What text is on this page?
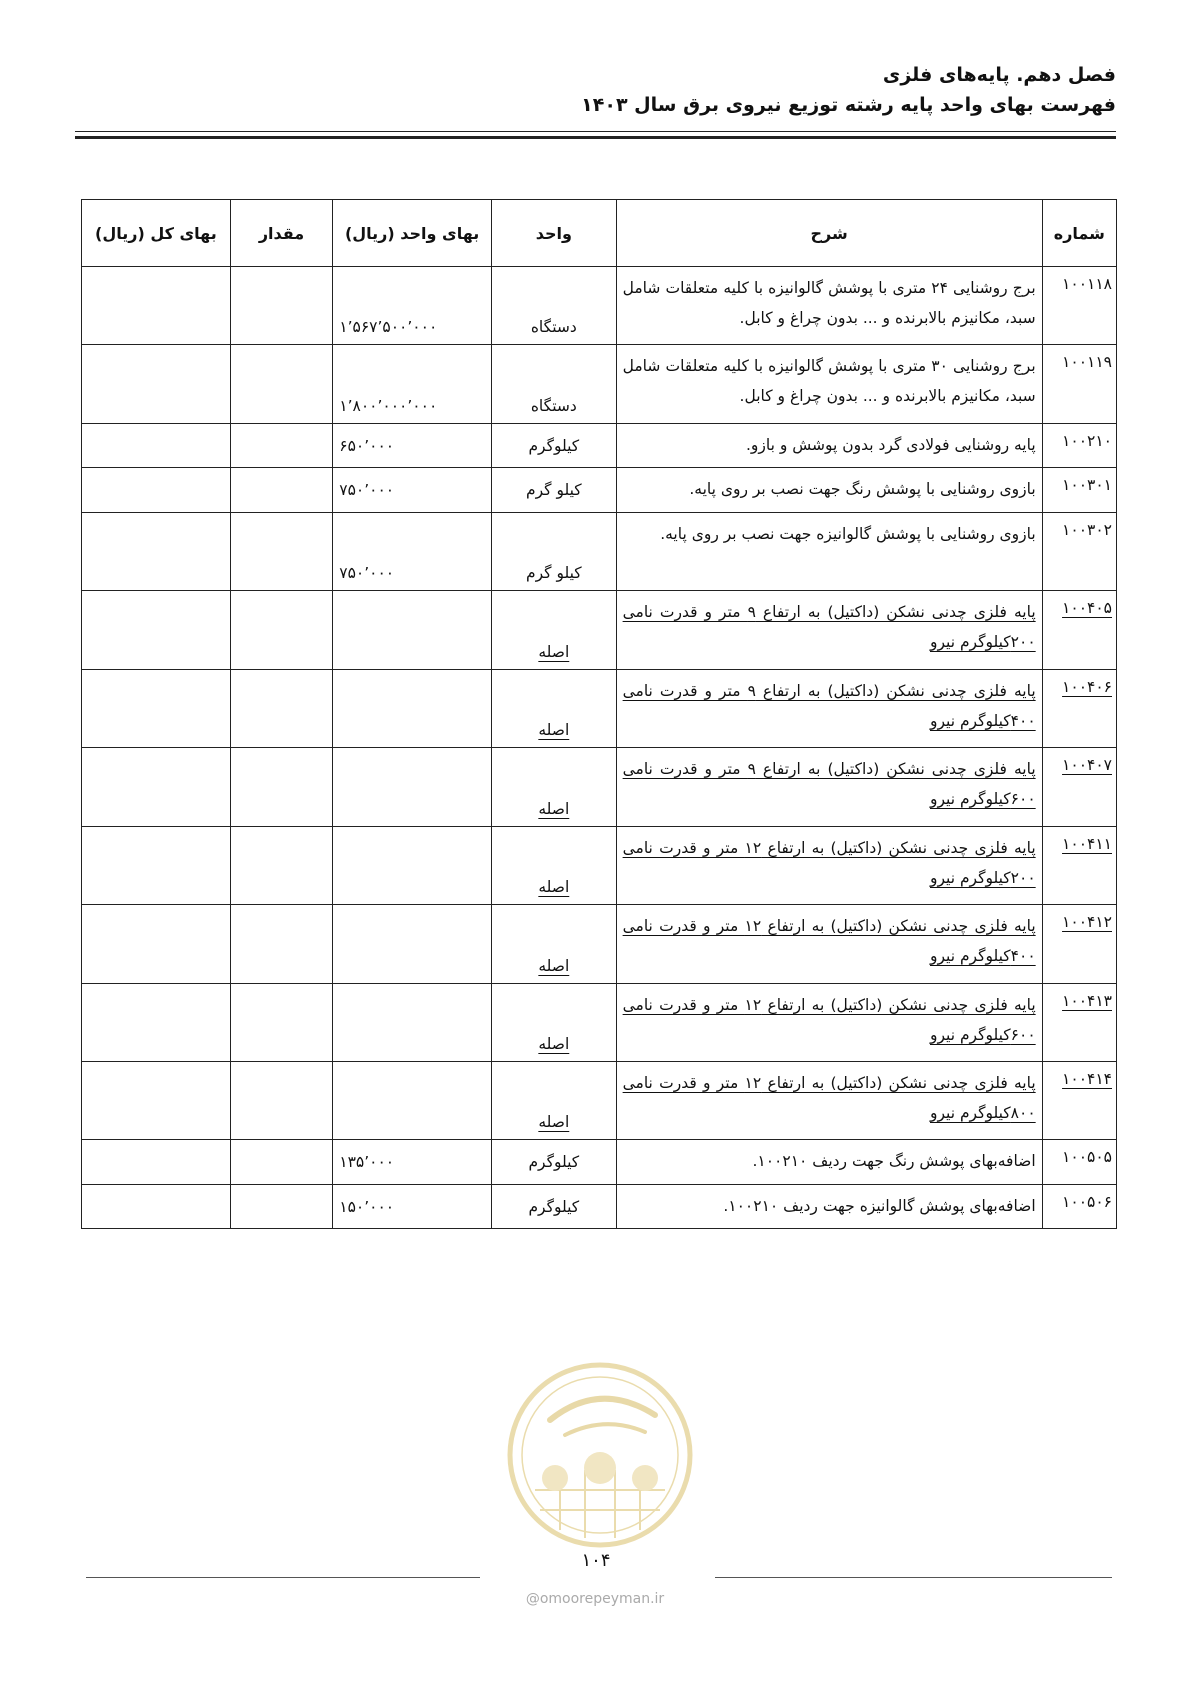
فصل دهم. پایه‌های فلزی
فهرست بهای واحد پایه رشته توزیع نیروی برق سال ۱۴۰۳
شماره	شرح	واحد	بهای واحد (ریال)	مقدار	بهای کل (ریال)
۱۰۰۱۱۸	برج روشنایی ۲۴ متری با پوشش گالوانیزه با کلیه متعلقات شامل سبد، مکانیزم بالابرنده و ... بدون چراغ و کابل.	دستگاه	۱٬۵۶۷٬۵۰۰٬۰۰۰		
۱۰۰۱۱۹	برج روشنایی ۳۰ متری با پوشش گالوانیزه با کلیه متعلقات شامل سبد، مکانیزم بالابرنده و ... بدون چراغ و کابل.	دستگاه	۱٬۸۰۰٬۰۰۰٬۰۰۰		
۱۰۰۲۱۰	پایه روشنایی فولادی گرد بدون پوشش و بازو.	کیلوگرم	۶۵۰٬۰۰۰		
۱۰۰۳۰۱	بازوی روشنایی با پوشش رنگ جهت نصب بر روی پایه.	کیلو گرم	۷۵۰٬۰۰۰		
۱۰۰۳۰۲	بازوی روشنایی با پوشش گالوانیزه جهت نصب بر روی پایه.	کیلو گرم	۷۵۰٬۰۰۰		
۱۰۰۴۰۵	پایه فلزی چدنی نشکن (داکتیل) به ارتفاع ۹ متر و قدرت نامی ۲۰۰کیلوگرم نیرو	اصله			
۱۰۰۴۰۶	پایه فلزی چدنی نشکن (داکتیل) به ارتفاع ۹ متر و قدرت نامی ۴۰۰کیلوگرم نیرو	اصله			
۱۰۰۴۰۷	پایه فلزی چدنی نشکن (داکتیل) به ارتفاع ۹ متر و قدرت نامی ۶۰۰کیلوگرم نیرو	اصله			
۱۰۰۴۱۱	پایه فلزی چدنی نشکن (داکتیل) به ارتفاع ۱۲ متر و قدرت نامی ۲۰۰کیلوگرم نیرو	اصله			
۱۰۰۴۱۲	پایه فلزی چدنی نشکن (داکتیل) به ارتفاع ۱۲ متر و قدرت نامی ۴۰۰کیلوگرم نیرو	اصله			
۱۰۰۴۱۳	پایه فلزی چدنی نشکن (داکتیل) به ارتفاع ۱۲ متر و قدرت نامی ۶۰۰کیلوگرم نیرو	اصله			
۱۰۰۴۱۴	پایه فلزی چدنی نشکن (داکتیل) به ارتفاع ۱۲ متر و قدرت نامی ۸۰۰کیلوگرم نیرو	اصله			
۱۰۰۵۰۵	اضافه‌بهای پوشش رنگ جهت ردیف ۱۰۰۲۱۰.	کیلوگرم	۱۳۵٬۰۰۰		
۱۰۰۵۰۶	اضافه‌بهای پوشش گالوانیزه جهت ردیف ۱۰۰۲۱۰.	کیلوگرم	۱۵۰٬۰۰۰		
۱۰۴
@omoorepeyman.ir
